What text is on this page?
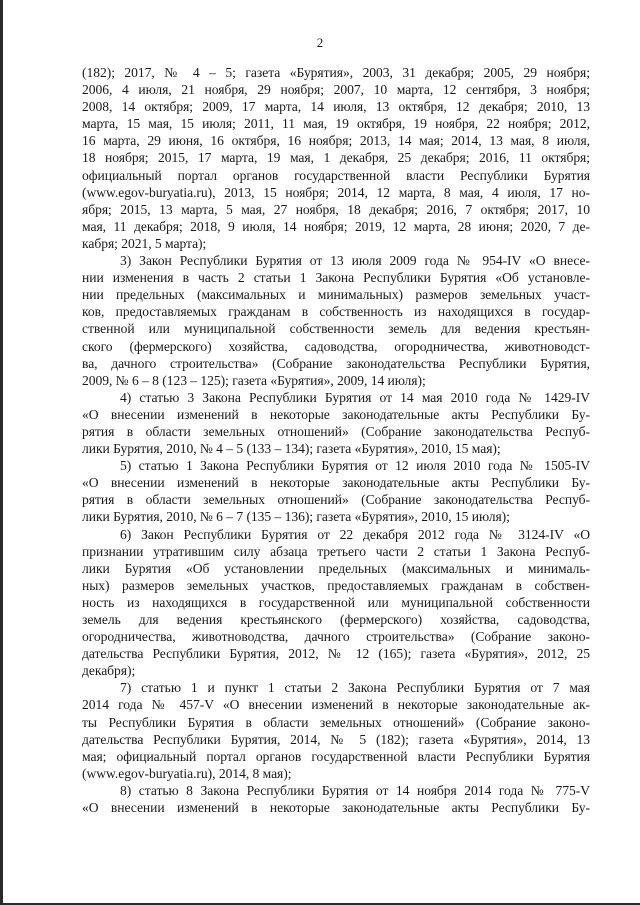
2
(182); 2017, № 4 – 5; газета «Бурятия», 2003, 31 декабря; 2005, 29 ноября;
2006, 4 июля, 21 ноября, 29 ноября; 2007, 10 марта, 12 сентября, 3 ноября;
2008, 14 октября; 2009, 17 марта, 14 июля, 13 октября, 12 декабря; 2010, 13
марта, 15 мая, 15 июля; 2011, 11 мая, 19 октября, 19 ноября, 22 ноября; 2012,
16 марта, 29 июня, 16 октября, 16 ноября; 2013, 14 мая; 2014, 13 мая, 8 июля,
18 ноября; 2015, 17 марта, 19 мая, 1 декабря, 25 декабря; 2016, 11 октября;
официальный портал органов государственной власти Республики Бурятия
(www.egov-buryatia.ru), 2013, 15 ноября; 2014, 12 марта, 8 мая, 4 июля, 17 но-
ября; 2015, 13 марта, 5 мая, 27 ноября, 18 декабря; 2016, 7 октября; 2017, 10
мая, 11 декабря; 2018, 9 июля, 14 ноября; 2019, 12 марта, 28 июня; 2020, 7 де-
кабря; 2021, 5 марта);
3) Закон Республики Бурятия от 13 июля 2009 года № 954-IV «О внесе-
нии изменения в часть 2 статьи 1 Закона Республики Бурятия «Об установле-
нии предельных (максимальных и минимальных) размеров земельных участ-
ков, предоставляемых гражданам в собственность из находящихся в государ-
ственной или муниципальной собственности земель для ведения крестьян-
ского (фермерского) хозяйства, садоводства, огородничества, животноводст-
ва, дачного строительства» (Собрание законодательства Республики Бурятия,
2009, № 6 – 8 (123 – 125); газета «Бурятия», 2009, 14 июля);
4) статью 3 Закона Республики Бурятия от 14 мая 2010 года № 1429-IV
«О внесении изменений в некоторые законодательные акты Республики Бу-
рятия в области земельных отношений» (Собрание законодательства Респуб-
лики Бурятия, 2010, № 4 – 5 (133 – 134); газета «Бурятия», 2010, 15 мая);
5) статью 1 Закона Республики Бурятия от 12 июля 2010 года № 1505-IV
«О внесении изменений в некоторые законодательные акты Республики Бу-
рятия в области земельных отношений» (Собрание законодательства Респуб-
лики Бурятия, 2010, № 6 – 7 (135 – 136); газета «Бурятия», 2010, 15 июля);
6) Закон Республики Бурятия от 22 декабря 2012 года № 3124-IV «О
признании утратившим силу абзаца третьего части 2 статьи 1 Закона Респуб-
лики Бурятия «Об установлении предельных (максимальных и минималь-
ных) размеров земельных участков, предоставляемых гражданам в собствен-
ность из находящихся в государственной или муниципальной собственности
земель для ведения крестьянского (фермерского) хозяйства, садоводства,
огородничества, животноводства, дачного строительства» (Собрание законо-
дательства Республики Бурятия, 2012, № 12 (165); газета «Бурятия», 2012, 25
декабря);
7) статью 1 и пункт 1 статьи 2 Закона Республики Бурятия от 7 мая
2014 года № 457-V «О внесении изменений в некоторые законодательные ак-
ты Республики Бурятия в области земельных отношений» (Собрание законо-
дательства Республики Бурятия, 2014, № 5 (182); газета «Бурятия», 2014, 13
мая; официальный портал органов государственной власти Республики Бурятия
(www.egov-buryatia.ru), 2014, 8 мая);
8) статью 8 Закона Республики Бурятия от 14 ноября 2014 года № 775-V
«О внесении изменений в некоторые законодательные акты Республики Бу-
